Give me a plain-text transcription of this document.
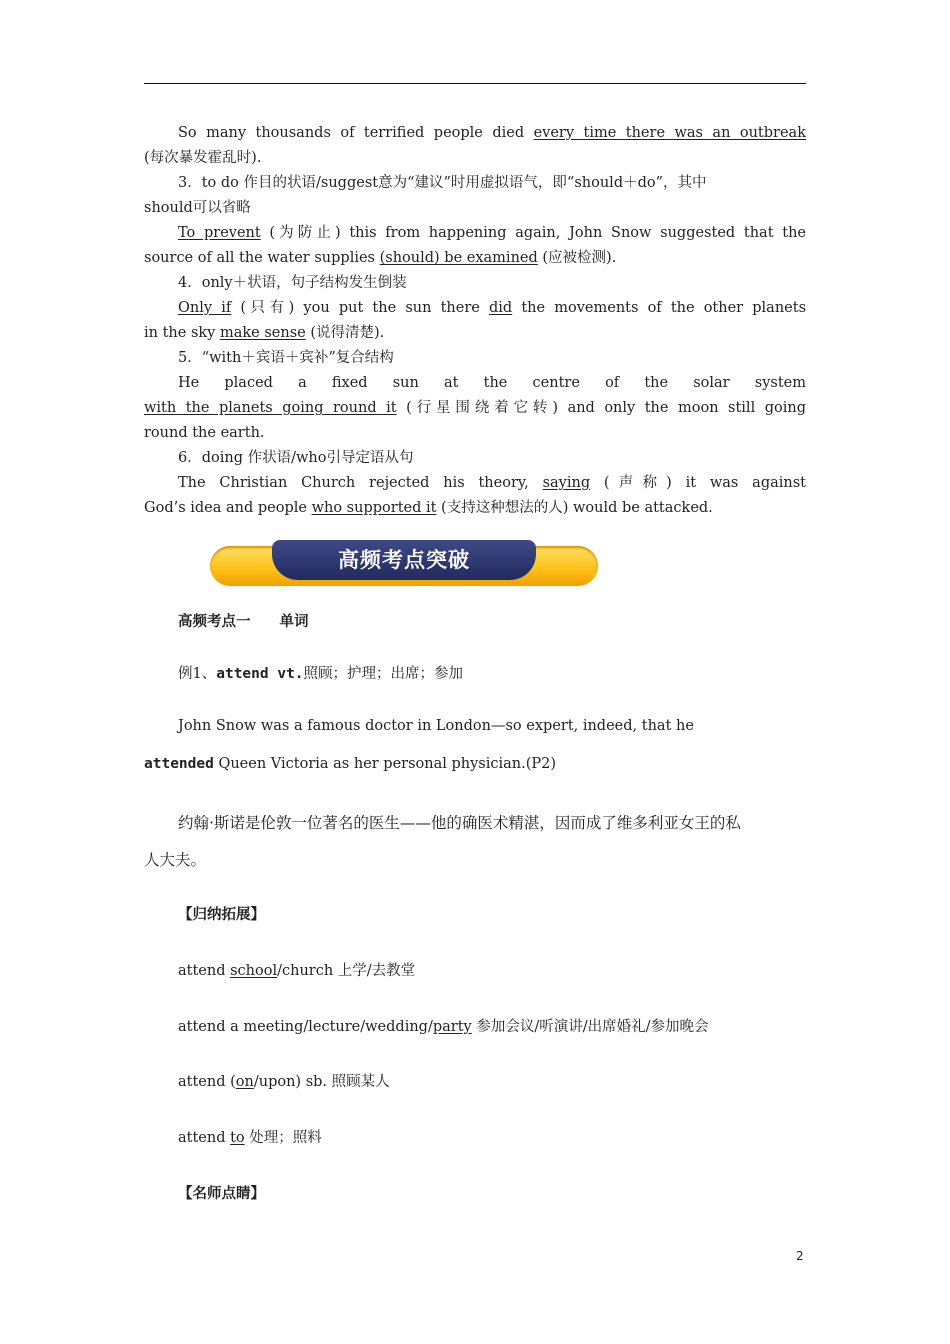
So many thousands of terrified people died every time there was an outbreak
(每次暴发霍乱时).
3．to do 作目的状语/suggest意为“建议”时用虚拟语气，即“should＋do”，其中
should可以省略
To prevent (为防止) this from happening again, John Snow suggested that the
source of all the water supplies (should) be examined (应被检测).
4．only＋状语，句子结构发生倒装
Only if (只有) you put the sun there did the movements of the other planets
in the sky make sense (说得清楚).
5．“with＋宾语＋宾补”复合结构
He placed a fixed sun at the centre of the solar system
with the planets going round it (行星围绕着它转) and only the moon still going
round the earth.
6．doing 作状语/who引导定语从句
The Christian Church rejected his theory, saying (声称) it was against
God’s idea and people who supported it (支持这种想法的人) would be attacked.
高频考点突破

高频考点一　　单词

例1、attend vt.照顾；护理；出席；参加

John Snow was a famous doctor in London—so expert, indeed, that he

attended Queen Victoria as her personal physician.(P2)

约翰·斯诺是伦敦一位著名的医生——他的确医术精湛，因而成了维多利亚女王的私

人大夫。

【归纳拓展】

attend school/church 上学/去教堂

attend a meeting/lecture/wedding/party 参加会议/听演讲/出席婚礼/参加晚会

attend (on/upon) sb. 照顾某人

attend to 处理；照料

【名师点睛】

2
